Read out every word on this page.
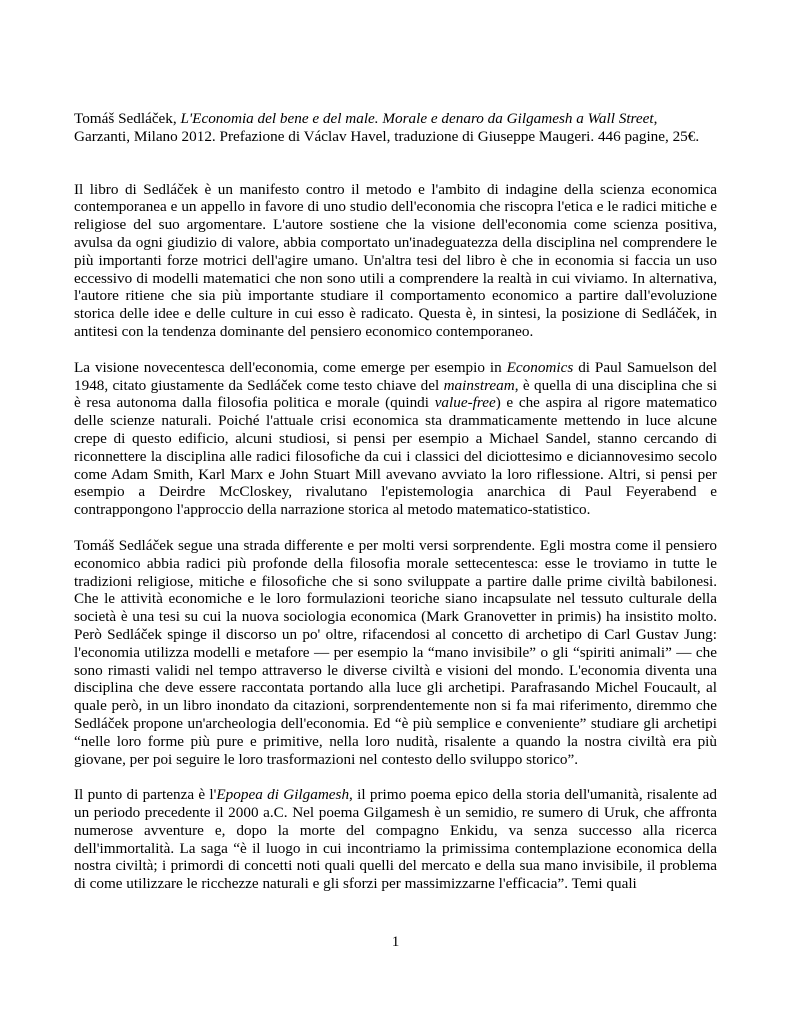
Tomáš Sedláček, L'Economia del bene e del male. Morale e denaro da Gilgamesh a Wall Street, Garzanti, Milano 2012. Prefazione di Václav Havel, traduzione di Giuseppe Maugeri. 446 pagine, 25€.

Il libro di Sedláček è un manifesto contro il metodo e l'ambito di indagine della scienza economica contemporanea e un appello in favore di uno studio dell'economia che riscopra l'etica e le radici mitiche e religiose del suo argomentare. L'autore sostiene che la visione dell'economia come scienza positiva, avulsa da ogni giudizio di valore, abbia comportato un'inadeguatezza della disciplina nel comprendere le più importanti forze motrici dell'agire umano. Un'altra tesi del libro è che in economia si faccia un uso eccessivo di modelli matematici che non sono utili a comprendere la realtà in cui viviamo. In alternativa, l'autore ritiene che sia più importante studiare il comportamento economico a partire dall'evoluzione storica delle idee e delle culture in cui esso è radicato. Questa è, in sintesi, la posizione di Sedláček, in antitesi con la tendenza dominante del pensiero economico contemporaneo.

La visione novecentesca dell'economia, come emerge per esempio in Economics di Paul Samuelson del 1948, citato giustamente da Sedláček come testo chiave del mainstream, è quella di una disciplina che si è resa autonoma dalla filosofia politica e morale (quindi value-free) e che aspira al rigore matematico delle scienze naturali. Poiché l'attuale crisi economica sta drammaticamente mettendo in luce alcune crepe di questo edificio, alcuni studiosi, si pensi per esempio a Michael Sandel, stanno cercando di riconnettere la disciplina alle radici filosofiche da cui i classici del diciottesimo e diciannovesimo secolo come Adam Smith, Karl Marx e John Stuart Mill avevano avviato la loro riflessione. Altri, si pensi per esempio a Deirdre McCloskey, rivalutano l'epistemologia anarchica di Paul Feyerabend e contrappongono l'approccio della narrazione storica al metodo matematico-statistico.

Tomáš Sedláček segue una strada differente e per molti versi sorprendente. Egli mostra come il pensiero economico abbia radici più profonde della filosofia morale settecentesca: esse le troviamo in tutte le tradizioni religiose, mitiche e filosofiche che si sono sviluppate a partire dalle prime civiltà babilonesi. Che le attività economiche e le loro formulazioni teoriche siano incapsulate nel tessuto culturale della società è una tesi su cui la nuova sociologia economica (Mark Granovetter in primis) ha insistito molto. Però Sedláček spinge il discorso un po' oltre, rifacendosi al concetto di archetipo di Carl Gustav Jung: l'economia utilizza modelli e metafore — per esempio la “mano invisibile” o gli “spiriti animali” — che sono rimasti validi nel tempo attraverso le diverse civiltà e visioni del mondo. L'economia diventa una disciplina che deve essere raccontata portando alla luce gli archetipi. Parafrasando Michel Foucault, al quale però, in un libro inondato da citazioni, sorprendentemente non si fa mai riferimento, diremmo che Sedláček propone un'archeologia dell'economia. Ed “è più semplice e conveniente” studiare gli archetipi “nelle loro forme più pure e primitive, nella loro nudità, risalente a quando la nostra civiltà era più giovane, per poi seguire le loro trasformazioni nel contesto dello sviluppo storico”.

Il punto di partenza è l'Epopea di Gilgamesh, il primo poema epico della storia dell'umanità, risalente ad un periodo precedente il 2000 a.C. Nel poema Gilgamesh è un semidio, re sumero di Uruk, che affronta numerose avventure e, dopo la morte del compagno Enkidu, va senza successo alla ricerca dell'immortalità. La saga “è il luogo in cui incontriamo la primissima contemplazione economica della nostra civiltà; i primordi di concetti noti quali quelli del mercato e della sua mano invisibile, il problema di come utilizzare le ricchezze naturali e gli sforzi per massimizzarne l'efficacia”. Temi quali

1
